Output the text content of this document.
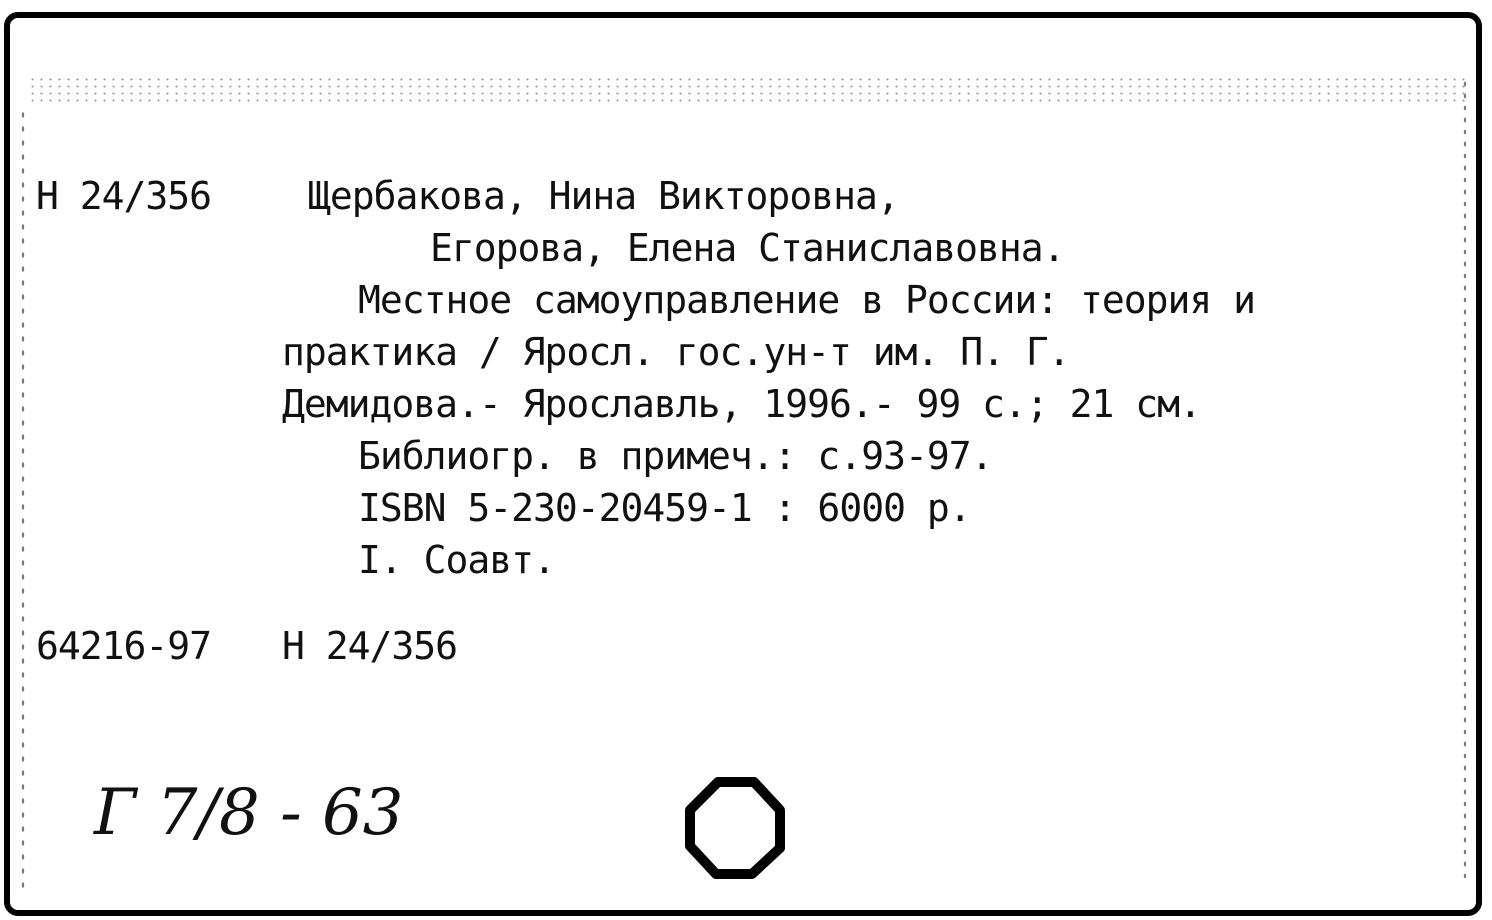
Н 24/356	Щербакова, Нина Викторовна,
Егорова, Елена Станиславовна.
Местное самоуправление в России: теория и
практика / Яросл. гос.ун-т им. П. Г.
Демидова.- Ярославль, 1996.- 99 с.; 21 см.
Библиогр. в примеч.: с.93-97.
ISBN 5-230-20459-1 : 6000 р.
I. Соавт.
64216-97 Н 24/356
Г 7/8 - 63
